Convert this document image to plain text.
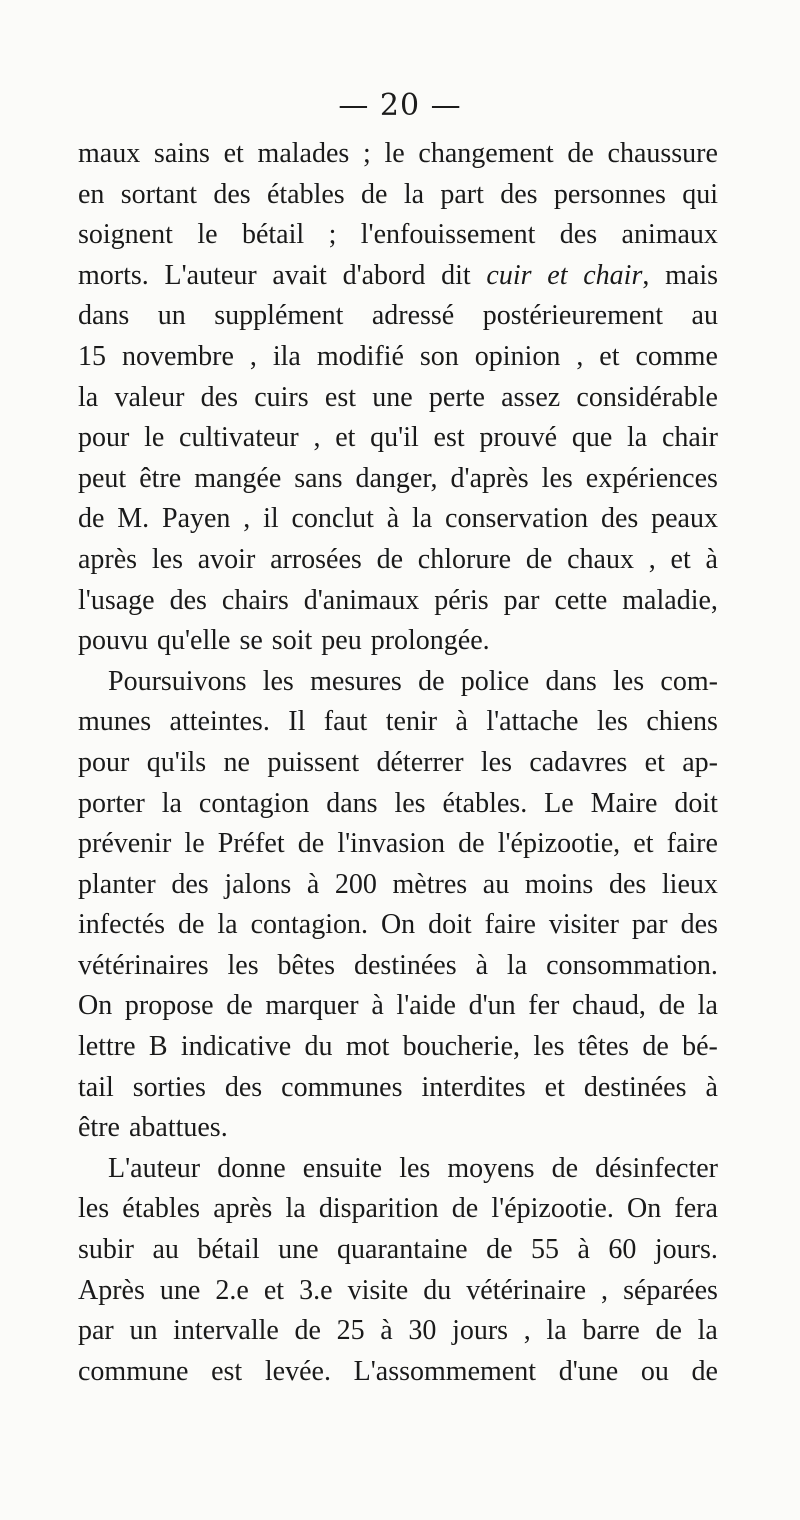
— 20 —
maux sains et malades ; le changement de chaussure
en sortant des étables de la part des personnes qui
soignent le bétail ; l'enfouissement des animaux
morts. L'auteur avait d'abord dit cuir et chair, mais
dans un supplément adressé postérieurement au
15 novembre , ila modifié son opinion , et comme
la valeur des cuirs est une perte assez considérable
pour le cultivateur , et qu'il est prouvé que la chair
peut être mangée sans danger, d'après les expériences
de M. Payen , il conclut à la conservation des peaux
après les avoir arrosées de chlorure de chaux , et à
l'usage des chairs d'animaux péris par cette maladie,
pouvu qu'elle se soit peu prolongée.
Poursuivons les mesures de police dans les com-
munes atteintes. Il faut tenir à l'attache les chiens
pour qu'ils ne puissent déterrer les cadavres et ap-
porter la contagion dans les étables. Le Maire doit
prévenir le Préfet de l'invasion de l'épizootie, et faire
planter des jalons à 200 mètres au moins des lieux
infectés de la contagion. On doit faire visiter par des
vétérinaires les bêtes destinées à la consommation.
On propose de marquer à l'aide d'un fer chaud, de la
lettre B indicative du mot boucherie, les têtes de bé-
tail sorties des communes interdites et destinées à
être abattues.
L'auteur donne ensuite les moyens de désinfecter
les étables après la disparition de l'épizootie. On fera
subir au bétail une quarantaine de 55 à 60 jours.
Après une 2.e et 3.e visite du vétérinaire , séparées
par un intervalle de 25 à 30 jours , la barre de la
commune est levée. L'assommement d'une ou de
